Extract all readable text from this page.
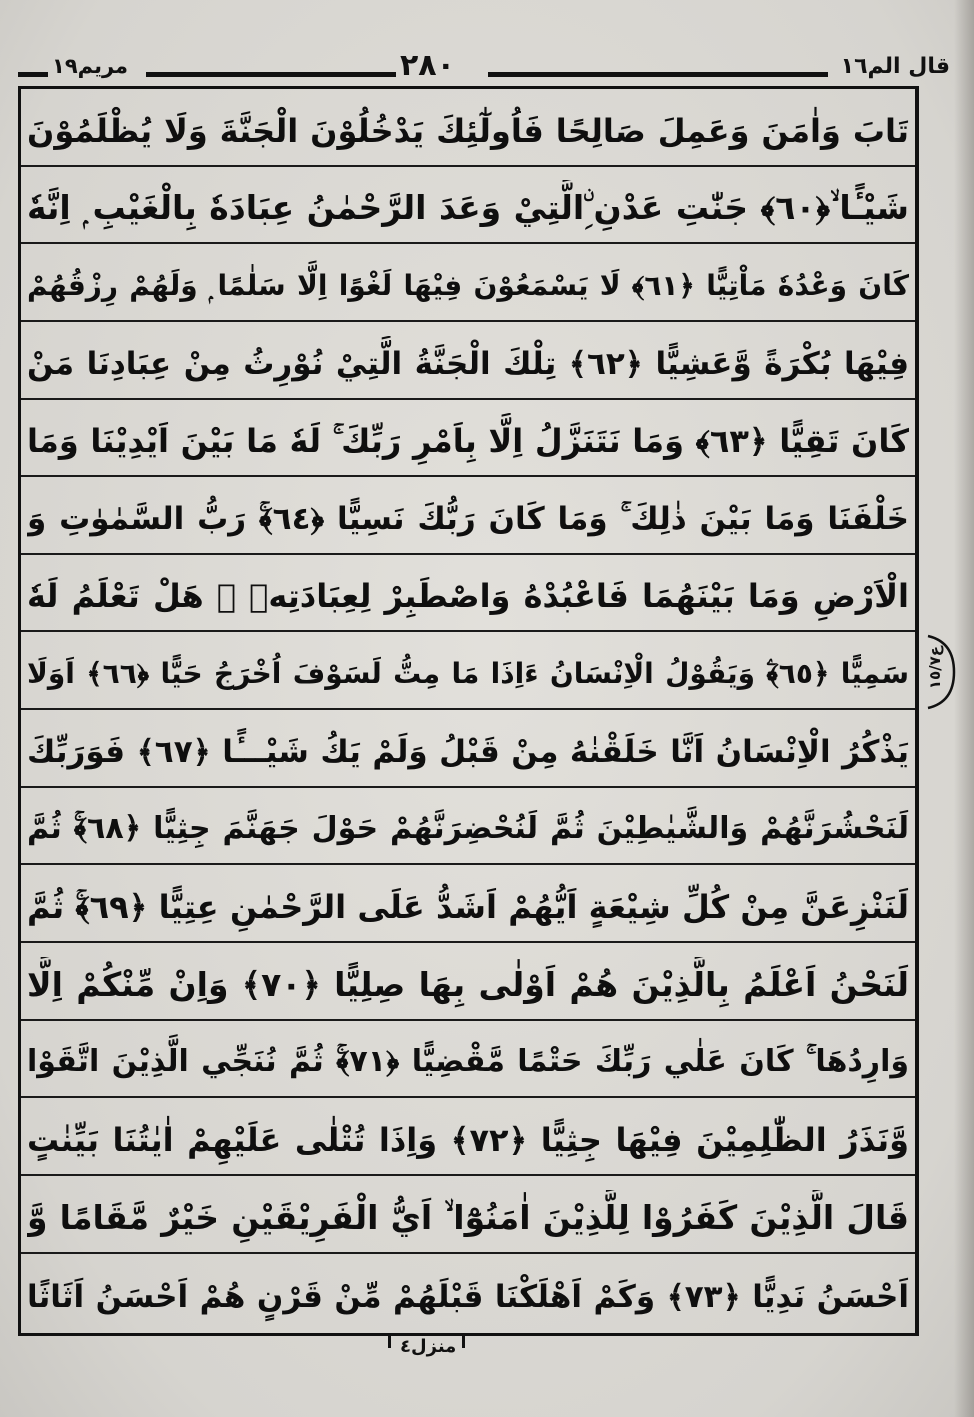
مريم١٩	٢٨٠	قال الم١٦
تَابَ وَاٰمَنَ وَعَمِلَ صَالِحًا فَاُولٰٓئِكَ يَدْخُلُوْنَ الْجَنَّةَ وَلَا يُظْلَمُوْنَ
شَيْـًٔا ۙ﴿٦٠﴾ جَنّٰتِ عَدْنِ ِۨالَّتِيْ وَعَدَ الرَّحْمٰنُ عِبَادَهٗ بِالْغَيْبِ ۭ اِنَّهٗ
كَانَ وَعْدُهٗ مَاْتِيًّا ﴿٦١﴾ لَا يَسْمَعُوْنَ فِيْهَا لَغْوًا اِلَّا سَلٰمًا ۭ وَلَهُمْ رِزْقُهُمْ
فِيْهَا بُكْرَةً وَّعَشِيًّا ﴿٦٢﴾ تِلْكَ الْجَنَّةُ الَّتِيْ نُوْرِثُ مِنْ عِبَادِنَا مَنْ
كَانَ تَقِيًّا ﴿٦٣﴾ وَمَا نَتَنَزَّلُ اِلَّا بِاَمْرِ رَبِّكَ ۚ لَهٗ مَا بَيْنَ اَيْدِيْنَا وَمَا
خَلْفَنَا وَمَا بَيْنَ ذٰلِكَ ۚ وَمَا كَانَ رَبُّكَ نَسِيًّا ﴿٦٤﴾ۚ رَبُّ السَّمٰوٰتِ وَ
الْاَرْضِ وَمَا بَيْنَهُمَا فَاعْبُدْهُ وَاصْطَبِرْ لِعِبَادَتِهٖ ۭ هَلْ تَعْلَمُ لَهٗ
سَمِيًّا ﴿٦٥﴾ۧ وَيَقُوْلُ الْاِنْسَانُ ءَاِذَا مَا مِتُّ لَسَوْفَ اُخْرَجُ حَيًّا ﴿٦٦﴾ اَوَلَا
يَذْكُرُ الْاِنْسَانُ اَنَّا خَلَقْنٰهُ مِنْ قَبْلُ وَلَمْ يَكُ شَيْـــًٔا ﴿٦٧﴾ فَوَرَبِّكَ
لَنَحْشُرَنَّهُمْ وَالشَّيٰطِيْنَ ثُمَّ لَنُحْضِرَنَّهُمْ حَوْلَ جَهَنَّمَ جِثِيًّا ﴿٦٨﴾ۚ ثُمَّ
لَنَنْزِعَنَّ مِنْ كُلِّ شِيْعَةٍ اَيُّهُمْ اَشَدُّ عَلَى الرَّحْمٰنِ عِتِيًّا ﴿٦٩﴾ۚ ثُمَّ
لَنَحْنُ اَعْلَمُ بِالَّذِيْنَ هُمْ اَوْلٰى بِهَا صِلِيًّا ﴿٧٠﴾ وَاِنْ مِّنْكُمْ اِلَّا
وَارِدُهَا ۚ كَانَ عَلٰي رَبِّكَ حَتْمًا مَّقْضِيًّا ﴿٧١﴾ۚ ثُمَّ نُنَجِّي الَّذِيْنَ اتَّقَوْا
وَّنَذَرُ الظّٰلِمِيْنَ فِيْهَا جِثِيًّا ﴿٧٢﴾ وَاِذَا تُتْلٰى عَلَيْهِمْ اٰيٰتُنَا بَيِّنٰتٍ
قَالَ الَّذِيْنَ كَفَرُوْا لِلَّذِيْنَ اٰمَنُوْٓا ۙ اَيُّ الْفَرِيْقَيْنِ خَيْرٌ مَّقَامًا وَّ
اَحْسَنُ نَدِيًّا ﴿٧٣﴾ وَكَمْ اَهْلَكْنَا قَبْلَهُمْ مِّنْ قَرْنٍ هُمْ اَحْسَنُ اَثَاثًا
ع١٥/٧
منزل٤
